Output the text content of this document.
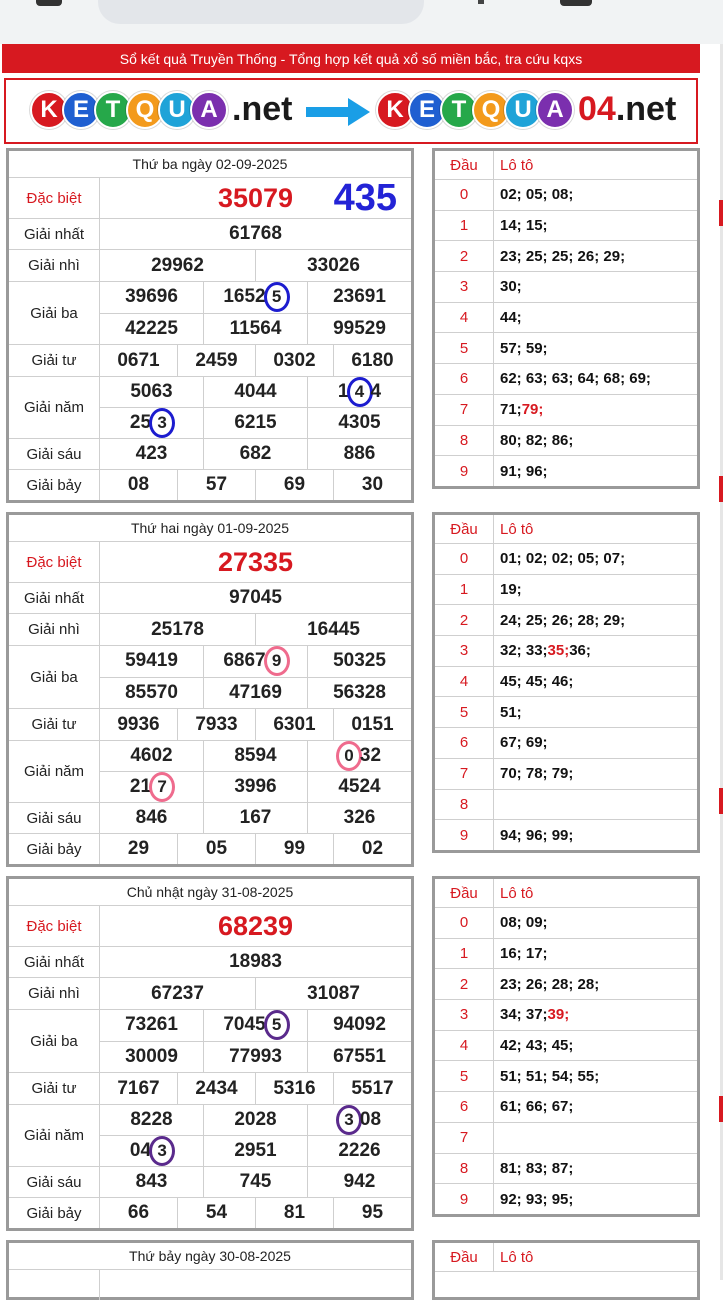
Sổ kết quả Truyền Thống - Tổng hợp kết quả xổ số miền bắc, tra cứu kqxs
K E T Q U A .net	K E T Q U A 04.net
Thứ ba ngày 02-09-2025
Đặc biệt	35079 435
Giải nhất	61768
Giải nhì	29962	33026
Giải ba
39696	1652 5	23691
42225	11564	99529
Giải tư	0671	2459	0302	6180
Giải năm
5063	4044	1 4 4
25 3	6215	4305
Giải sáu	423	682	886
Giải bảy	08	57	69	30
Đầu	Lô tô
0	02; 05; 08;
1	14; 15;
2	23; 25; 25; 26; 29;
3	30;
4	44;
5	57; 59;
6	62; 63; 63; 64; 68; 69;
7	71; 79;
8	80; 82; 86;
9	91; 96;
Thứ hai ngày 01-09-2025
Đặc biệt	27335
Giải nhất	97045
Giải nhì	25178	16445
Giải ba
59419	6867 9	50325
85570	47169	56328
Giải tư	9936	7933	6301	0151
Giải năm
4602	8594	0 32
21 7	3996	4524
Giải sáu	846	167	326
Giải bảy	29	05	99	02
Đầu	Lô tô
0	01; 02; 02; 05; 07;
1	19;
2	24; 25; 26; 28; 29;
3	32; 33; 35; 36;
4	45; 45; 46;
5	51;
6	67; 69;
7	70; 78; 79;
8
9	94; 96; 99;
Chủ nhật ngày 31-08-2025
Đặc biệt	68239
Giải nhất	18983
Giải nhì	67237	31087
Giải ba
73261	7045 5	94092
30009	77993	67551
Giải tư	7167	2434	5316	5517
Giải năm
8228	2028	3 08
04 3	2951	2226
Giải sáu	843	745	942
Giải bảy	66	54	81	95
Đầu	Lô tô
0	08; 09;
1	16; 17;
2	23; 26; 28; 28;
3	34; 37; 39;
4	42; 43; 45;
5	51; 51; 54; 55;
6	61; 66; 67;
7
8	81; 83; 87;
9	92; 93; 95;
Thứ bảy ngày 30-08-2025	Đầu	Lô tô
